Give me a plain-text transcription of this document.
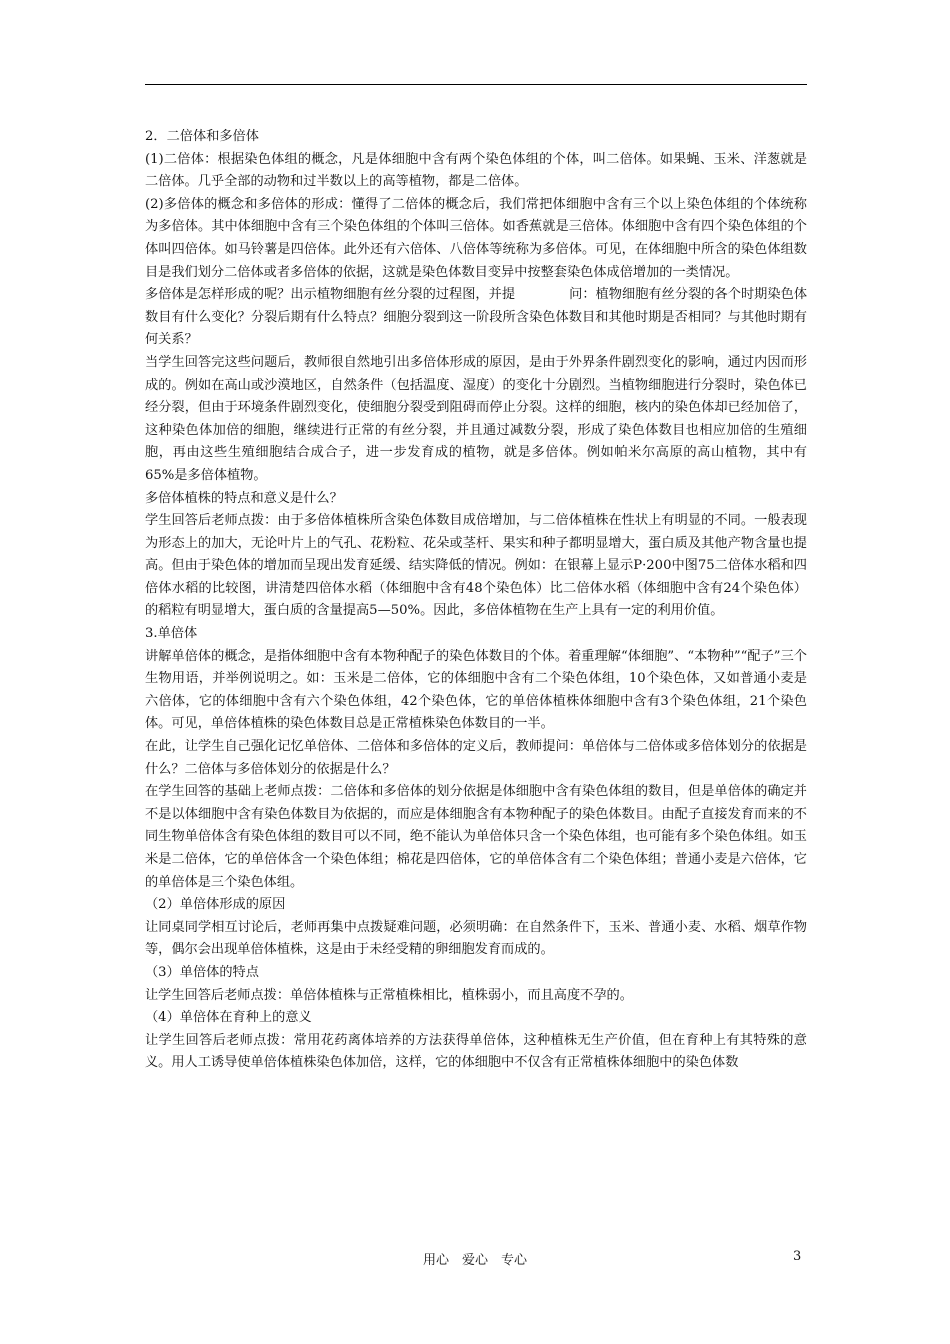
2．二倍体和多倍体

(1)二倍体：根据染色体组的概念，凡是体细胞中含有两个染色体组的个体，叫二倍体。如果蝇、玉米、洋葱就是二倍体。几乎全部的动物和过半数以上的高等植物，都是二倍体。

(2)多倍体的概念和多倍体的形成：懂得了二倍体的概念后，我们常把体细胞中含有三个以上染色体组的个体统称为多倍体。其中体细胞中含有三个染色体组的个体叫三倍体。如香蕉就是三倍体。体细胞中含有四个染色体组的个体叫四倍体。如马铃薯是四倍体。此外还有六倍体、八倍体等统称为多倍体。可见，在体细胞中所含的染色体组数目是我们划分二倍体或者多倍体的依据，这就是染色体数目变异中按整套染色体成倍增加的一类情况。

多倍体是怎样形成的呢？出示植物细胞有丝分裂的过程图，并提	问：植物细胞有丝分裂的各个时期染色体数目有什么变化？分裂后期有什么特点？细胞分裂到这一阶段所含染色体数目和其他时期是否相同？与其他时期有何关系？

当学生回答完这些问题后，教师很自然地引出多倍体形成的原因，是由于外界条件剧烈变化的影响，通过内因而形成的。例如在高山或沙漠地区，自然条件（包括温度、湿度）的变化十分剧烈。当植物细胞进行分裂时，染色体已经分裂，但由于环境条件剧烈变化，使细胞分裂受到阻碍而停止分裂。这样的细胞，核内的染色体却已经加倍了，这种染色体加倍的细胞，继续进行正常的有丝分裂，并且通过减数分裂，形成了染色体数目也相应加倍的生殖细胞，再由这些生殖细胞结合成合子，进一步发育成的植物，就是多倍体。例如帕米尔高原的高山植物，其中有65%是多倍体植物。

多倍体植株的特点和意义是什么？

学生回答后老师点拨：由于多倍体植株所含染色体数目成倍增加，与二倍体植株在性状上有明显的不同。一般表现为形态上的加大，无论叶片上的气孔、花粉粒、花朵或茎杆、果实和种子都明显增大，蛋白质及其他产物含量也提高。但由于染色体的增加而呈现出发育延缓、结实降低的情况。例如：在银幕上显示P·200中图75二倍体水稻和四倍体水稻的比较图，讲清楚四倍体水稻（体细胞中含有48个染色体）比二倍体水稻（体细胞中含有24个染色体）的稻粒有明显增大，蛋白质的含量提高5—50%。因此，多倍体植物在生产上具有一定的利用价值。

3.单倍体

讲解单倍体的概念，是指体细胞中含有本物种配子的染色体数目的个体。着重理解“体细胞”、“本物种”“配子”三个生物用语，并举例说明之。如：玉米是二倍体，它的体细胞中含有二个染色体组，10个染色体，又如普通小麦是六倍体，它的体细胞中含有六个染色体组，42个染色体，它的单倍体植株体细胞中含有3个染色体组，21个染色体。可见，单倍体植株的染色体数目总是正常植株染色体数目的一半。

在此，让学生自己强化记忆单倍体、二倍体和多倍体的定义后，教师提问：单倍体与二倍体或多倍体划分的依据是什么？二倍体与多倍体划分的依据是什么？

在学生回答的基础上老师点拨：二倍体和多倍体的划分依据是体细胞中含有染色体组的数目，但是单倍体的确定并不是以体细胞中含有染色体数目为依据的，而应是体细胞含有本物种配子的染色体数目。由配子直接发育而来的不同生物单倍体含有染色体组的数目可以不同，绝不能认为单倍体只含一个染色体组，也可能有多个染色体组。如玉米是二倍体，它的单倍体含一个染色体组；棉花是四倍体，它的单倍体含有二个染色体组；普通小麦是六倍体，它的单倍体是三个染色体组。

（2）单倍体形成的原因

让同桌同学相互讨论后，老师再集中点拨疑难问题，必须明确：在自然条件下，玉米、普通小麦、水稻、烟草作物等，偶尔会出现单倍体植株，这是由于未经受精的卵细胞发育而成的。

（3）单倍体的特点

让学生回答后老师点拨：单倍体植株与正常植株相比，植株弱小，而且高度不孕的。

（4）单倍体在育种上的意义

让学生回答后老师点拨：常用花药离体培养的方法获得单倍体，这种植株无生产价值，但在育种上有其特殊的意义。用人工诱导使单倍体植株染色体加倍，这样，它的体细胞中不仅含有正常植株体细胞中的染色体数

用心　爱心　专心	3
